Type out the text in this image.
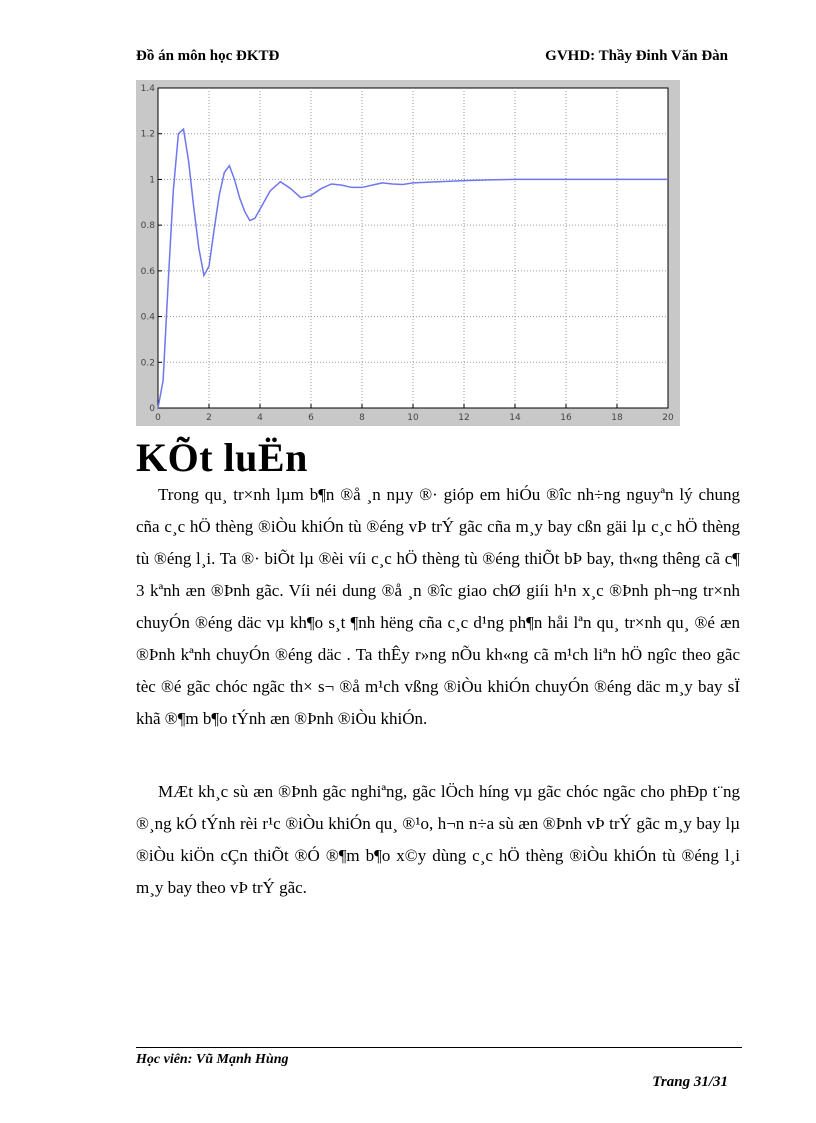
Đồ án môn học ĐKTĐ	GVHD: Thầy Đinh Văn Đàn
0
0.2
0.4
0.6
0.8
1
1.2
1.4
0	2	4	6	8	10	12	14	16	18	20
KÕt luËn

Trong qu¸ tr×nh lµm b¶n ®å ¸n nµy ®· gióp em hiÓu ®îc nh÷ng nguyªn lý chung cña c¸c hÖ thèng ®iÒu khiÓn tù ®éng vÞ trÝ gãc cña m¸y bay cßn gäi lµ c¸c hÖ thèng tù ®éng l¸i. Ta ®· biÕt lµ ®èi víi c¸c hÖ thèng tù ®éng thiÕt bÞ bay, th«ng thêng cã c¶ 3 kªnh æn ®Þnh gãc. Víi néi dung ®å ¸n ®îc giao chØ giíi h¹n x¸c ®Þnh ph¬ng tr×nh chuyÓn ®éng däc vµ kh¶o s¸t ¶nh hëng cña c¸c d¹ng ph¶n håi lªn qu¸ tr×nh qu¸ ®é æn ®Þnh kªnh chuyÓn ®éng däc . Ta thÊy r»ng nÕu kh«ng cã m¹ch liªn hÖ ngîc theo gãc tèc ®é gãc chóc ngãc th× s¬ ®å m¹ch vßng ®iÒu khiÓn chuyÓn ®éng däc m¸y bay sÏ khã ®¶m b¶o tÝnh æn ®Þnh ®iÒu khiÓn.

MÆt kh¸c sù æn ®Þnh gãc nghiªng, gãc lÖch híng vµ gãc chóc ngãc cho phÐp t¨ng ®¸ng kÓ tÝnh rèi r¹c ®iÒu khiÓn qu¸ ®¹o, h¬n n÷a sù æn ®Þnh vÞ trÝ gãc m¸y bay lµ ®iÒu kiÖn cÇn thiÕt ®Ó ®¶m b¶o x©y dùng c¸c hÖ thèng ®iÒu khiÓn tù ®éng l¸i m¸y bay theo vÞ trÝ gãc.

Học viên: Vũ Mạnh Hùng
Trang 31/31
